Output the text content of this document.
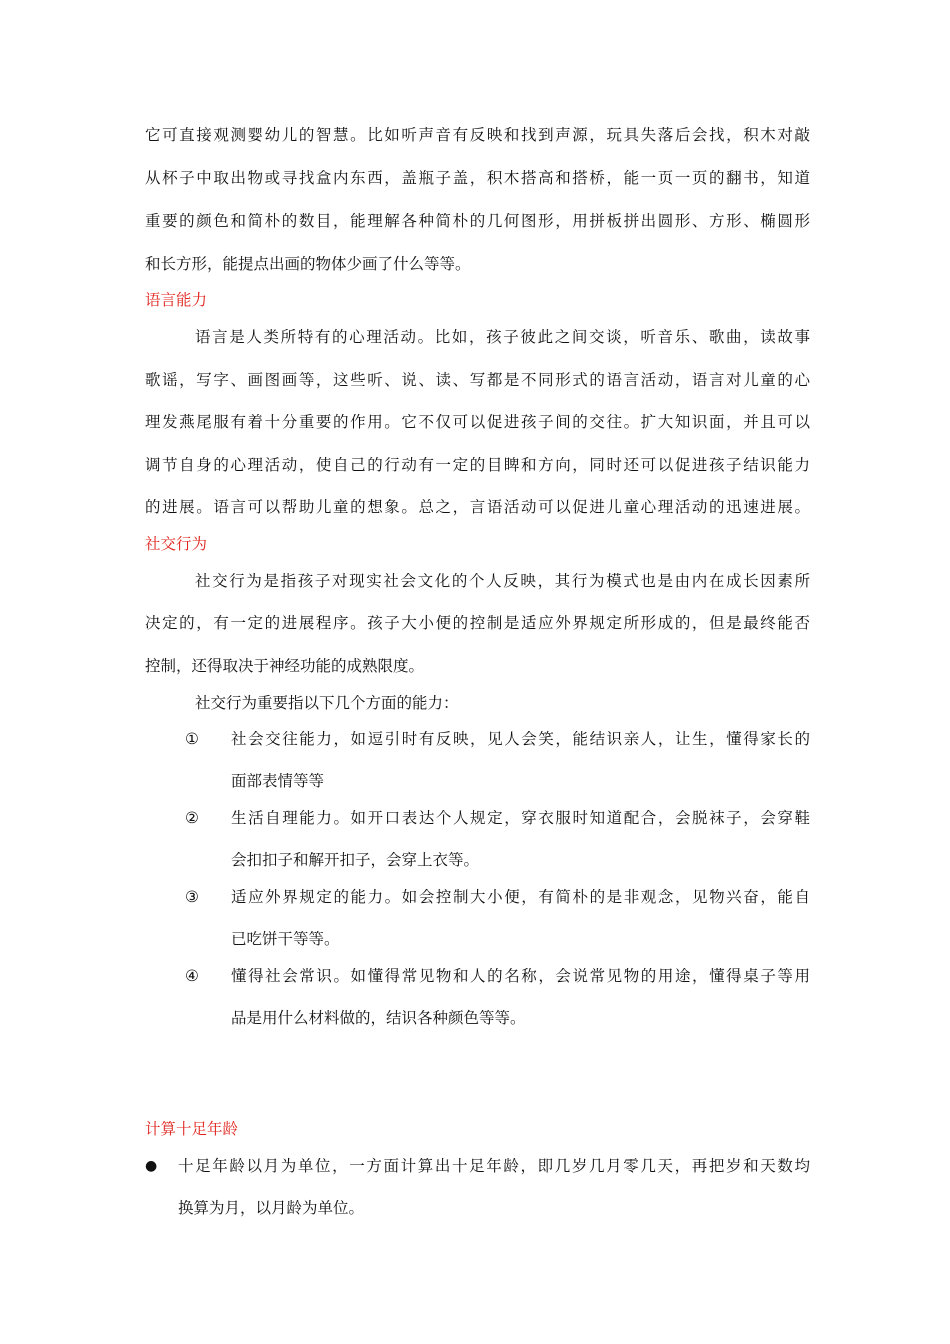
它可直接观测婴幼儿的智慧。比如听声音有反映和找到声源，玩具失落后会找，积木对敲
从杯子中取出物或寻找盒内东西，盖瓶子盖，积木搭高和搭桥，能一页一页的翻书，知道
重要的颜色和简朴的数目，能理解各种简朴的几何图形，用拼板拼出圆形、方形、椭圆形
和长方形，能提点出画的物体少画了什么等等。
语言能力
语言是人类所特有的心理活动。比如，孩子彼此之间交谈，听音乐、歌曲，读故事
歌谣，写字、画图画等，这些听、说、读、写都是不同形式的语言活动，语言对儿童的心
理发燕尾服有着十分重要的作用。它不仅可以促进孩子间的交往。扩大知识面，并且可以
调节自身的心理活动，使自己的行动有一定的目睥和方向，同时还可以促进孩子结识能力
的进展。语言可以帮助儿童的想象。总之，言语活动可以促进儿童心理活动的迅速进展。
社交行为
社交行为是指孩子对现实社会文化的个人反映，其行为模式也是由内在成长因素所
决定的，有一定的进展程序。孩子大小便的控制是适应外界规定所形成的，但是最终能否
控制，还得取决于神经功能的成熟限度。
社交行为重要指以下几个方面的能力：
① 社会交往能力，如逗引时有反映，见人会笑，能结识亲人，让生，懂得家长的
面部表情等等
② 生活自理能力。如开口表达个人规定，穿衣服时知道配合，会脱袜子，会穿鞋
会扣扣子和解开扣子，会穿上衣等。
③ 适应外界规定的能力。如会控制大小便，有简朴的是非观念，见物兴奋，能自
已吃饼干等等。
④ 懂得社会常识。如懂得常见物和人的名称，会说常见物的用途，懂得桌子等用
品是用什么材料做的，结识各种颜色等等。
计算十足年龄
● 十足年龄以月为单位，一方面计算出十足年龄，即几岁几月零几天，再把岁和天数均
换算为月，以月龄为单位。
